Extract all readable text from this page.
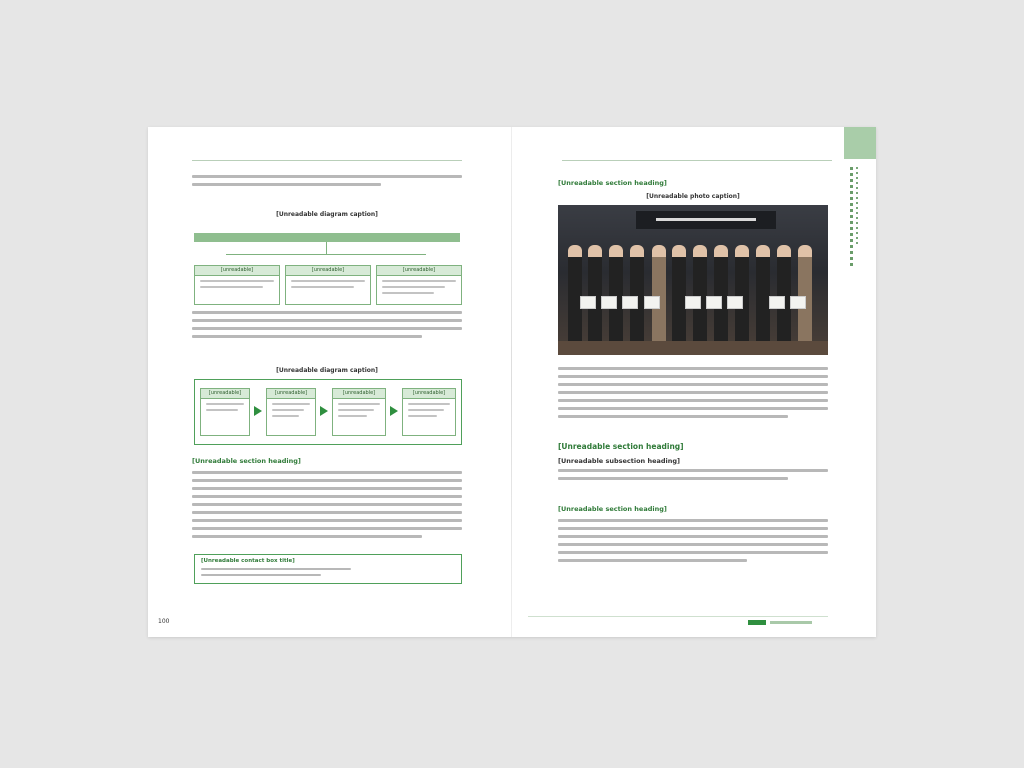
[Unreadable diagram caption]
[unreadable]	[unreadable]	[unreadable]
[Unreadable diagram caption]
[unreadable]	[unreadable]	[unreadable]	[unreadable]
[Unreadable section heading]
[Unreadable contact box title]
100
[Unreadable section heading]
[Unreadable photo caption]
[Unreadable section heading]
[Unreadable subsection heading]
[Unreadable section heading]
